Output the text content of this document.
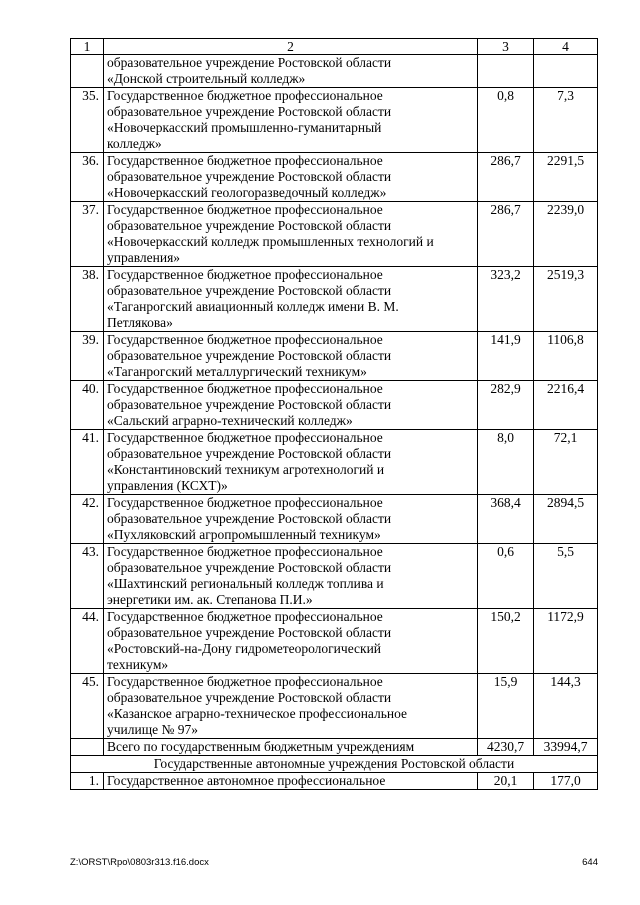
1	2	3	4
	образовательное учреждение Ростовской области
«Донской строительный колледж»		
35.	Государственное бюджетное профессиональное
образовательное учреждение Ростовской области
«Новочеркасский промышленно-гуманитарный
колледж»	0,8	7,3
36.	Государственное бюджетное профессиональное
образовательное учреждение Ростовской области
«Новочеркасский геологоразведочный колледж»	286,7	2291,5
37.	Государственное бюджетное профессиональное
образовательное учреждение Ростовской области
«Новочеркасский колледж промышленных технологий и
управления»	286,7	2239,0
38.	Государственное бюджетное профессиональное
образовательное учреждение Ростовской области
«Таганрогский авиационный колледж имени В. М.
Петлякова»	323,2	2519,3
39.	Государственное бюджетное профессиональное
образовательное учреждение Ростовской области
«Таганрогский металлургический техникум»	141,9	1106,8
40.	Государственное бюджетное профессиональное
образовательное учреждение Ростовской области
«Сальский аграрно-технический колледж»	282,9	2216,4
41.	Государственное бюджетное профессиональное
образовательное учреждение Ростовской области
«Константиновский техникум агротехнологий и
управления (КСХТ)»	8,0	72,1
42.	Государственное бюджетное профессиональное
образовательное учреждение Ростовской области
«Пухляковский агропромышленный техникум»	368,4	2894,5
43.	Государственное бюджетное профессиональное
образовательное учреждение Ростовской области
«Шахтинский региональный колледж топлива и
энергетики им. ак. Степанова П.И.»	0,6	5,5
44.	Государственное бюджетное профессиональное
образовательное учреждение Ростовской области
«Ростовский-на-Дону гидрометеорологический
техникум»	150,2	1172,9
45.	Государственное бюджетное профессиональное
образовательное учреждение Ростовской области
«Казанское аграрно-техническое профессиональное
училище № 97»	15,9	144,3
	Всего по государственным бюджетным учреждениям	4230,7	33994,7
Государственные автономные учреждения Ростовской области			
1.	Государственное автономное профессиональное	20,1	177,0
Z:\ORST\Rpo\0803r313.f16.docx	644
